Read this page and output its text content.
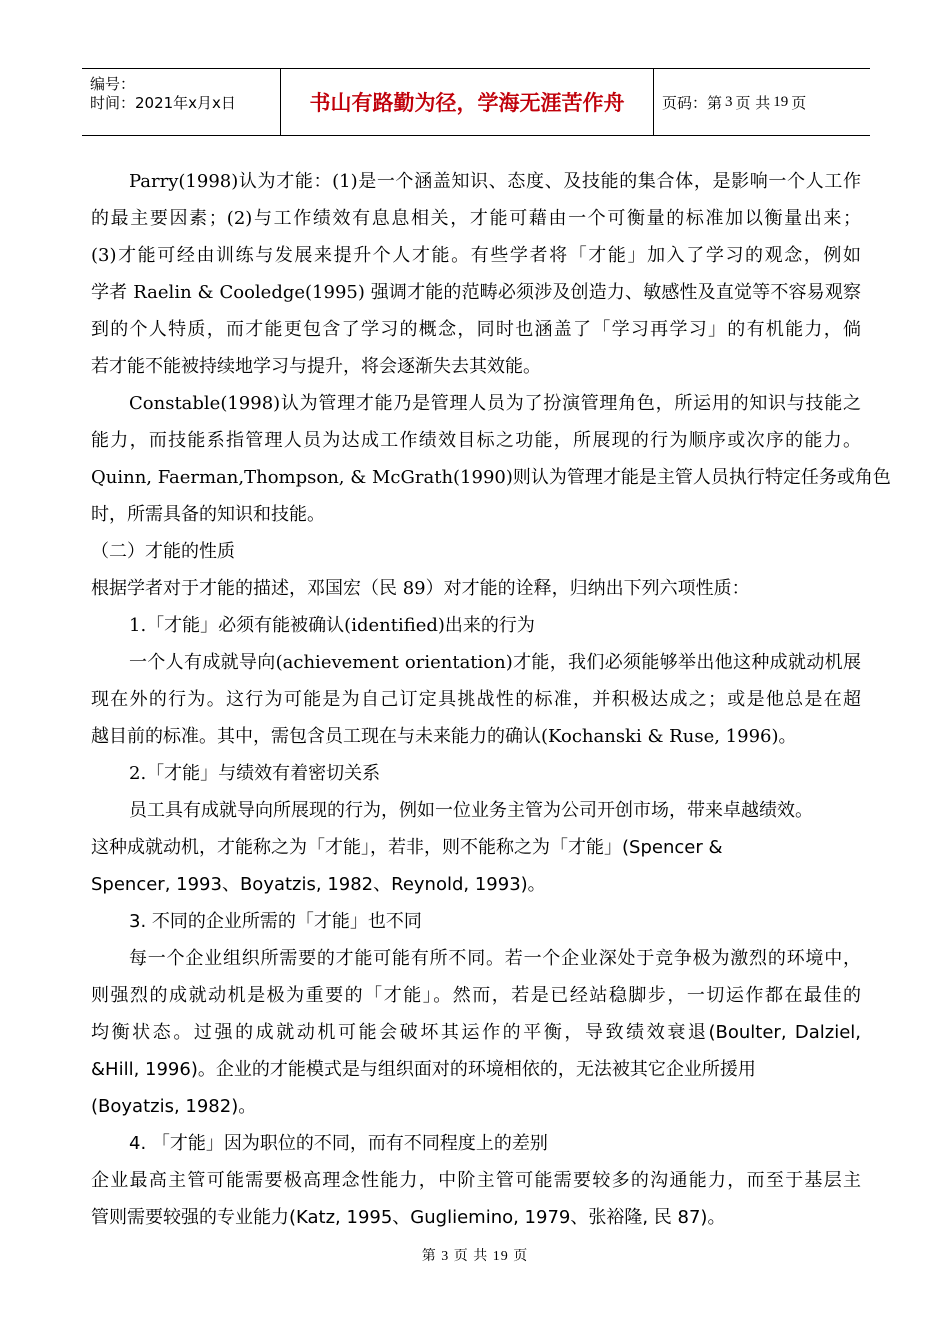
编号：
时间：2021年x月x日	书山有路勤为径，学海无涯苦作舟	页码：第 3 页 共 19 页
Parry(1998)认为才能：(1)是一个涵盖知识、态度、及技能的集合体，是影响一个人工作
的最主要因素；(2)与工作绩效有息息相关，才能可藉由一个可衡量的标准加以衡量出来；
(3)才能可经由训练与发展来提升个人才能。有些学者将「才能」加入了学习的观念，例如
学者 Raelin & Cooledge(1995) 强调才能的范畴必须涉及创造力、敏感性及直觉等不容易观察
到的个人特质，而才能更包含了学习的概念，同时也涵盖了「学习再学习」的有机能力，倘
若才能不能被持续地学习与提升，将会逐渐失去其效能。
Constable(1998)认为管理才能乃是管理人员为了扮演管理角色，所运用的知识与技能之
能力，而技能系指管理人员为达成工作绩效目标之功能，所展现的行为顺序或次序的能力。
Quinn, Faerman,Thompson, & McGrath(1990)则认为管理才能是主管人员执行特定任务或角色
时，所需具备的知识和技能。
（二）才能的性质
根据学者对于才能的描述，邓国宏（民 89）对才能的诠释，归纳出下列六项性质：
1.「才能」必须有能被确认(identified)出来的行为
一个人有成就导向(achievement orientation)才能，我们必须能够举出他这种成就动机展
现在外的行为。这行为可能是为自己订定具挑战性的标准，并积极达成之；或是他总是在超
越目前的标准。其中，需包含员工现在与未来能力的确认(Kochanski & Ruse, 1996)。
2.「才能」与绩效有着密切关系
员工具有成就导向所展现的行为，例如一位业务主管为公司开创市场，带来卓越绩效。
这种成就动机，才能称之为「才能」，若非，则不能称之为「才能」(Spencer &
Spencer, 1993、Boyatzis, 1982、Reynold, 1993)。
3. 不同的企业所需的「才能」也不同
每一个企业组织所需要的才能可能有所不同。若一个企业深处于竞争极为激烈的环境中，
则强烈的成就动机是极为重要的「才能」。然而，若是已经站稳脚步，一切运作都在最佳的
均衡状态。过强的成就动机可能会破坏其运作的平衡，导致绩效衰退(Boulter, Dalziel,
&Hill, 1996)。企业的才能模式是与组织面对的环境相依的，无法被其它企业所援用
(Boyatzis, 1982)。
4. 「才能」因为职位的不同，而有不同程度上的差别
企业最高主管可能需要极高理念性能力，中阶主管可能需要较多的沟通能力，而至于基层主
管则需要较强的专业能力(Katz, 1995、Gugliemino, 1979、张裕隆, 民 87)。
第 3 页 共 19 页
